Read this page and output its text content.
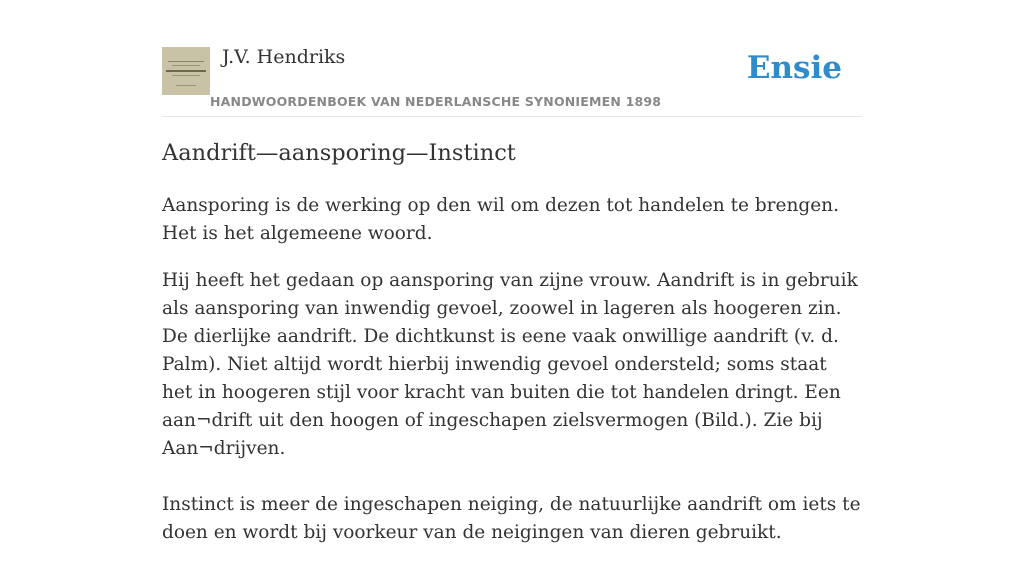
J.V. Hendriks
HANDWOORDENBOEK VAN NEDERLANSCHE SYNONIEMEN 1898
Ensie
Aandrift—aansporing—Instinct

Aansporing is de werking op den wil om dezen tot handelen te brengen. Het is het algemeene woord.

Hij heeft het gedaan op aansporing van zijne vrouw. Aandrift is in gebruik als aansporing van inwendig gevoel, zoowel in lageren als hoogeren zin. De dierlijke aandrift. De dichtkunst is eene vaak onwillige aandrift (v. d. Palm). Niet altijd wordt hierbij inwendig gevoel ondersteld; soms staat het in hoogeren stijl voor kracht van buiten die tot handelen dringt. Een aan¬drift uit den hoogen of ingeschapen zielsvermogen (Bild.). Zie bij Aan¬drijven.

Instinct is meer de ingeschapen neiging, de natuurlijke aandrift om iets te doen en wordt bij voorkeur van de neigingen van dieren gebruikt.
